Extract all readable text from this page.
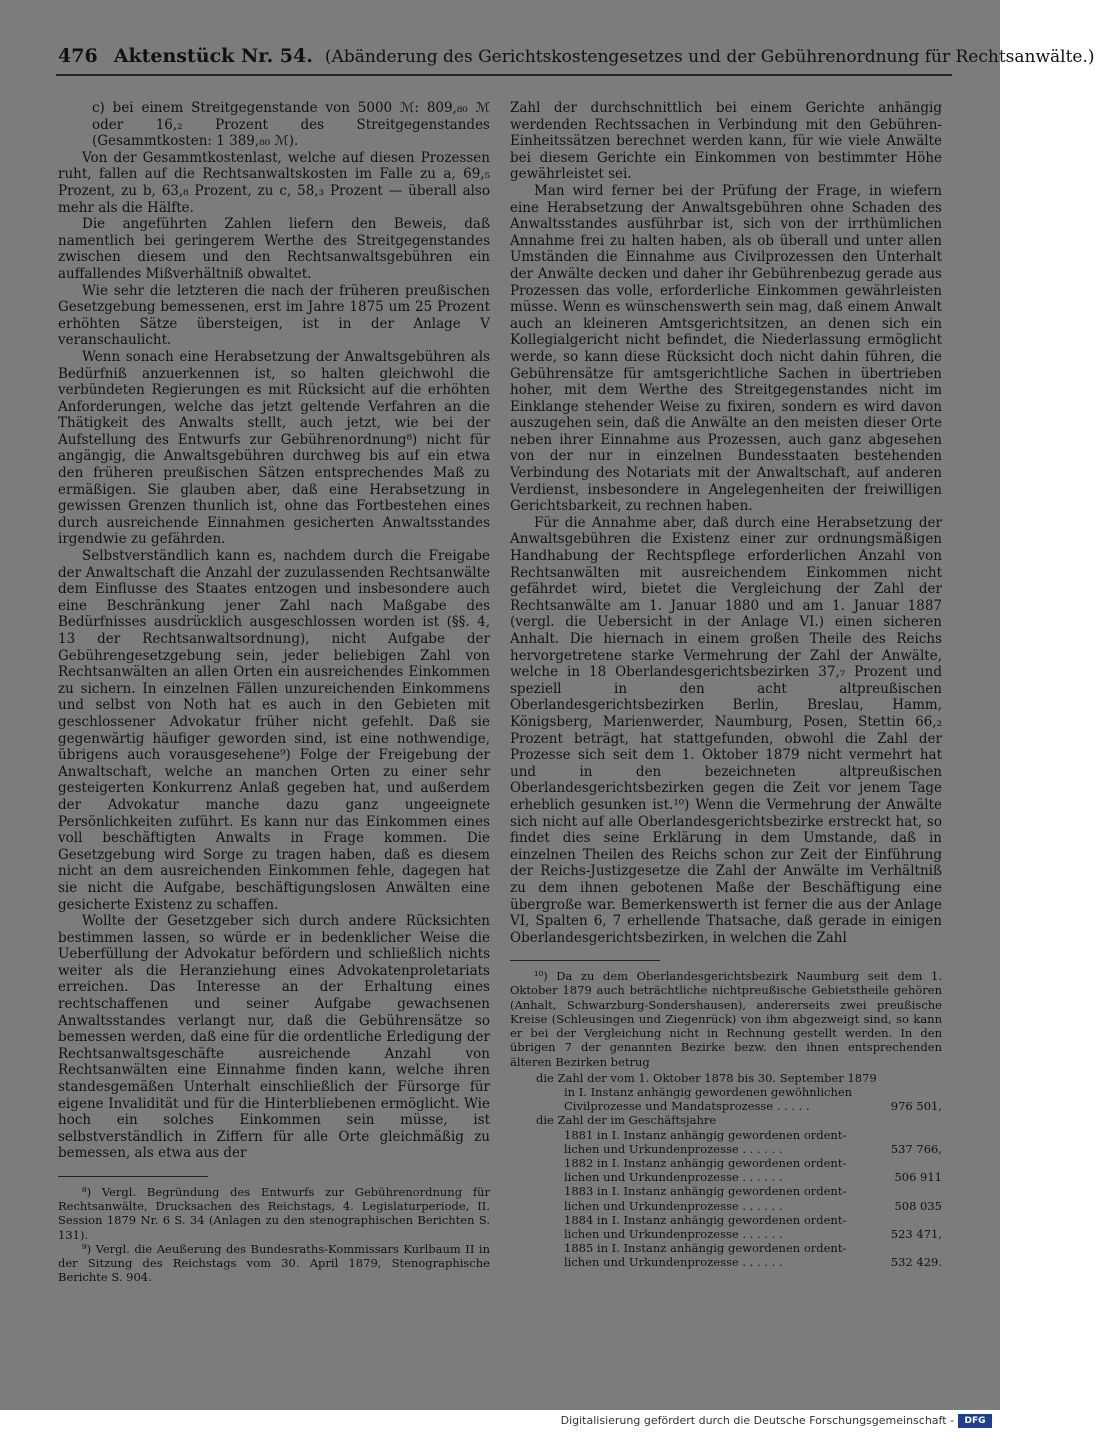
476 Aktenstück Nr. 54. (Abänderung des Gerichtskostengesetzes und der Gebührenordnung für Rechtsanwälte.)

c) bei einem Streitgegenstande von 5000 ℳ: 809,₈₀ ℳ oder 16,₂ Prozent des Streitgegenstandes (Gesammtkosten: 1 389,₈₀ ℳ).

Von der Gesammtkostenlast, welche auf diesen Prozessen ruht, fallen auf die Rechtsanwaltskosten im Falle zu a, 69,₅ Prozent, zu b, 63,₈ Prozent, zu c, 58,₃ Prozent — überall also mehr als die Hälfte.

Die angeführten Zahlen liefern den Beweis, daß namentlich bei geringerem Werthe des Streitgegenstandes zwischen diesem und den Rechtsanwaltsgebühren ein auffallendes Mißverhältniß obwaltet.

Wie sehr die letzteren die nach der früheren preußischen Gesetzgebung bemessenen, erst im Jahre 1875 um 25 Prozent erhöhten Sätze übersteigen, ist in der Anlage V veranschaulicht.

Wenn sonach eine Herabsetzung der Anwaltsgebühren als Bedürfniß anzuerkennen ist, so halten gleichwohl die verbündeten Regierungen es mit Rücksicht auf die erhöhten Anforderungen, welche das jetzt geltende Verfahren an die Thätigkeit des Anwalts stellt, auch jetzt, wie bei der Aufstellung des Entwurfs zur Gebührenordnung⁸) nicht für angängig, die Anwaltsgebühren durchweg bis auf ein etwa den früheren preußischen Sätzen entsprechendes Maß zu ermäßigen. Sie glauben aber, daß eine Herabsetzung in gewissen Grenzen thunlich ist, ohne das Fortbestehen eines durch ausreichende Einnahmen gesicherten Anwaltsstandes irgendwie zu gefährden.

Selbstverständlich kann es, nachdem durch die Freigabe der Anwaltschaft die Anzahl der zuzulassenden Rechtsanwälte dem Einflusse des Staates entzogen und insbesondere auch eine Beschränkung jener Zahl nach Maßgabe des Bedürfnisses ausdrücklich ausgeschlossen worden ist (§§. 4, 13 der Rechtsanwaltsordnung), nicht Aufgabe der Gebührengesetzgebung sein, jeder beliebigen Zahl von Rechtsanwälten an allen Orten ein ausreichendes Einkommen zu sichern. In einzelnen Fällen unzureichenden Einkommens und selbst von Noth hat es auch in den Gebieten mit geschlossener Advokatur früher nicht gefehlt. Daß sie gegenwärtig häufiger geworden sind, ist eine nothwendige, übrigens auch vorausgesehene⁹) Folge der Freigebung der Anwaltschaft, welche an manchen Orten zu einer sehr gesteigerten Konkurrenz Anlaß gegeben hat, und außerdem der Advokatur manche dazu ganz ungeeignete Persönlichkeiten zuführt. Es kann nur das Einkommen eines voll beschäftigten Anwalts in Frage kommen. Die Gesetzgebung wird Sorge zu tragen haben, daß es diesem nicht an dem ausreichenden Einkommen fehle, dagegen hat sie nicht die Aufgabe, beschäftigungslosen Anwälten eine gesicherte Existenz zu schaffen.

Wollte der Gesetzgeber sich durch andere Rücksichten bestimmen lassen, so würde er in bedenklicher Weise die Ueberfüllung der Advokatur befördern und schließlich nichts weiter als die Heranziehung eines Advokatenproletariats erreichen. Das Interesse an der Erhaltung eines rechtschaffenen und seiner Aufgabe gewachsenen Anwaltsstandes verlangt nur, daß die Gebührensätze so bemessen werden, daß eine für die ordentliche Erledigung der Rechtsanwaltsgeschäfte ausreichende Anzahl von Rechtsanwälten eine Einnahme finden kann, welche ihren standesgemäßen Unterhalt einschließlich der Fürsorge für eigene Invalidität und für die Hinterbliebenen ermöglicht. Wie hoch ein solches Einkommen sein müsse, ist selbstverständlich in Ziffern für alle Orte gleichmäßig zu bemessen, als etwa aus der

⁸) Vergl. Begründung des Entwurfs zur Gebührenordnung für Rechtsanwälte, Drucksachen des Reichstags, 4. Legislaturperiode, II. Session 1879 Nr. 6 S. 34 (Anlagen zu den stenographischen Berichten S. 131).

⁹) Vergl. die Aeußerung des Bundesraths-Kommissars Kurlbaum II in der Sitzung des Reichstags vom 30. April 1879, Stenographische Berichte S. 904.

Zahl der durchschnittlich bei einem Gerichte anhängig werdenden Rechtssachen in Verbindung mit den Gebühren-Einheitssätzen berechnet werden kann, für wie viele Anwälte bei diesem Gerichte ein Einkommen von bestimmter Höhe gewährleistet sei.

Man wird ferner bei der Prüfung der Frage, in wiefern eine Herabsetzung der Anwaltsgebühren ohne Schaden des Anwaltsstandes ausführbar ist, sich von der irrthümlichen Annahme frei zu halten haben, als ob überall und unter allen Umständen die Einnahme aus Civilprozessen den Unterhalt der Anwälte decken und daher ihr Gebührenbezug gerade aus Prozessen das volle, erforderliche Einkommen gewährleisten müsse. Wenn es wünschenswerth sein mag, daß einem Anwalt auch an kleineren Amtsgerichtsitzen, an denen sich ein Kollegialgericht nicht befindet, die Niederlassung ermöglicht werde, so kann diese Rücksicht doch nicht dahin führen, die Gebührensätze für amtsgerichtliche Sachen in übertrieben hoher, mit dem Werthe des Streitgegenstandes nicht im Einklange stehender Weise zu fixiren, sondern es wird davon auszugehen sein, daß die Anwälte an den meisten dieser Orte neben ihrer Einnahme aus Prozessen, auch ganz abgesehen von der nur in einzelnen Bundesstaaten bestehenden Verbindung des Notariats mit der Anwaltschaft, auf anderen Verdienst, insbesondere in Angelegenheiten der freiwilligen Gerichtsbarkeit, zu rechnen haben.

Für die Annahme aber, daß durch eine Herabsetzung der Anwaltsgebühren die Existenz einer zur ordnungsmäßigen Handhabung der Rechtspflege erforderlichen Anzahl von Rechtsanwälten mit ausreichendem Einkommen nicht gefährdet wird, bietet die Vergleichung der Zahl der Rechtsanwälte am 1. Januar 1880 und am 1. Januar 1887 (vergl. die Uebersicht in der Anlage VI.) einen sicheren Anhalt. Die hiernach in einem großen Theile des Reichs hervorgetretene starke Vermehrung der Zahl der Anwälte, welche in 18 Oberlandesgerichtsbezirken 37,₇ Prozent und speziell in den acht altpreußischen Oberlandesgerichtsbezirken Berlin, Breslau, Hamm, Königsberg, Marienwerder, Naumburg, Posen, Stettin 66,₂ Prozent beträgt, hat stattgefunden, obwohl die Zahl der Prozesse sich seit dem 1. Oktober 1879 nicht vermehrt hat und in den bezeichneten altpreußischen Oberlandesgerichtsbezirken gegen die Zeit vor jenem Tage erheblich gesunken ist.¹⁰) Wenn die Vermehrung der Anwälte sich nicht auf alle Oberlandesgerichtsbezirke erstreckt hat, so findet dies seine Erklärung in dem Umstande, daß in einzelnen Theilen des Reichs schon zur Zeit der Einführung der Reichs-Justizgesetze die Zahl der Anwälte im Verhältniß zu dem ihnen gebotenen Maße der Beschäftigung eine übergroße war. Bemerkenswerth ist ferner die aus der Anlage VI, Spalten 6, 7 erhellende Thatsache, daß gerade in einigen Oberlandesgerichtsbezirken, in welchen die Zahl

¹⁰) Da zu dem Oberlandesgerichtsbezirk Naumburg seit dem 1. Oktober 1879 auch beträchtliche nichtpreußische Gebietstheile gehören (Anhalt, Schwarzburg-Sondershausen), andererseits zwei preußische Kreise (Schleusingen und Ziegenrück) von ihm abgezweigt sind, so kann er bei der Vergleichung nicht in Rechnung gestellt werden. In den übrigen 7 der genannten Bezirke bezw. den ihnen entsprechenden älteren Bezirken betrug

die Zahl der vom 1. Oktober 1878 bis 30. September 1879
in I. Instanz anhängig gewordenen gewöhnlichen
Civilprozesse und Mandatsprozesse . . . . .	976 501,
die Zahl der im Geschäftsjahre
1881 in I. Instanz anhängig gewordenen ordent-
lichen und Urkundenprozesse . . . . . .	537 766,
1882 in I. Instanz anhängig gewordenen ordent-
lichen und Urkundenprozesse . . . . . .	506 911
1883 in I. Instanz anhängig gewordenen ordent-
lichen und Urkundenprozesse . . . . . .	508 035
1884 in I. Instanz anhängig gewordenen ordent-
lichen und Urkundenprozesse . . . . . .	523 471,
1885 in I. Instanz anhängig gewordenen ordent-
lichen und Urkundenprozesse . . . . . .	532 429.
Digitalisierung gefördert durch die Deutsche Forschungsgemeinschaft -	DFG
